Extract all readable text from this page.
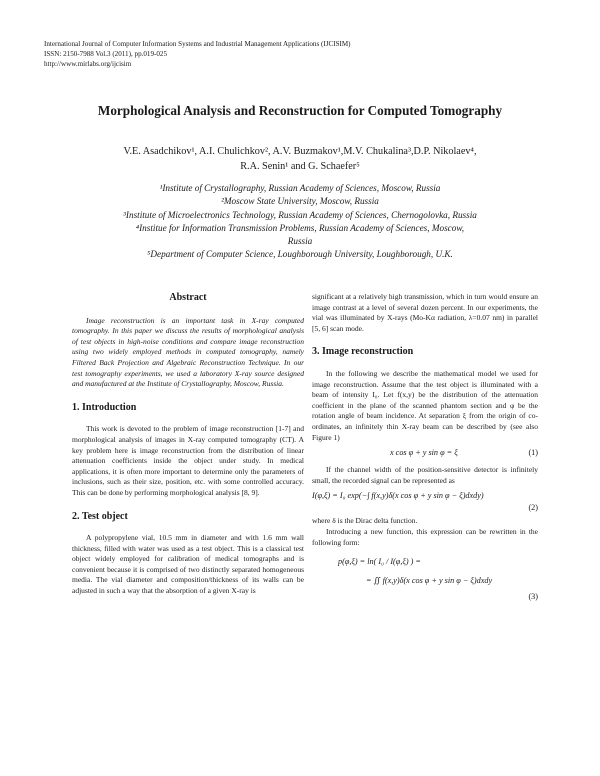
International Journal of Computer Information Systems and Industrial Management Applications (IJCISIM)
ISSN: 2150-7988 Vol.3 (2011), pp.019-025
http://www.mirlabs.org/ijcisim
Morphological Analysis and Reconstruction for Computed Tomography
V.E. Asadchikov¹, A.I. Chulichkov², A.V. Buzmakov¹,M.V. Chukalina³,D.P. Nikolaev⁴,
R.A. Senin¹ and G. Schaefer⁵
¹Institute of Crystallography, Russian Academy of Sciences, Moscow, Russia
²Moscow State University, Moscow, Russia
³Institute of Microelectronics Technology, Russian Academy of Sciences, Chernogolovka, Russia
⁴Institue for Information Transmission Problems, Russian Academy of Sciences, Moscow,
Russia
⁵Department of Computer Science, Loughborough University, Loughborough, U.K.
Abstract

Image reconstruction is an important task in X-ray computed tomography. In this paper we discuss the results of morphological analysis of test objects in high-noise conditions and compare image reconstruction using two widely employed methods in computed tomography, namely Filtered Back Projection and Algebraic Reconstruction Technique. In our test tomography experiments, we used a laboratory X-ray source designed and manufactured at the Institute of Crystallography, Moscow, Russia.

1. Introduction

This work is devoted to the problem of image reconstruction [1-7] and morphological analysis of images in X-ray computed tomography (CT). A key problem here is image reconstruction from the distribution of linear attenuation coefficients inside the object under study. In medical applications, it is often more important to determine only the parameters of inclusions, such as their size, position, etc. with some controlled accuracy. This can be done by performing morphological analysis [8, 9].

2. Test object

A polypropylene vial, 10.5 mm in diameter and with 1.6 mm wall thickness, filled with water was used as a test object. This is a classical test object widely employed for calibration of medical tomographs and is convenient because it is comprised of two distinctly separated homogeneous media. The vial diameter and composition/thickness of its walls can be adjusted in such a way that the absorption of a given X-ray is

significant at a relatively high transmission, which in turn would ensure an image contrast at a level of several dozen percent. In our experiments, the vial was illuminated by X-rays (Mo-Kα radiation, λ=0.07 nm) in parallel [5, 6] scan mode.

3. Image reconstruction

In the following we describe the mathematical model we used for image reconstruction. Assume that the test object is illuminated with a beam of intensity I₀. Let f(x,y) be the distribution of the attenuation coefficient in the plane of the scanned phantom section and φ be the rotation angle of beam incidence. At separation ξ from the origin of co-ordinates, an infinitely thin X-ray beam can be described by (see also Figure 1)

x cos φ + y sin φ = ξ	(1)

If the channel width of the position-sensitive detector is infinitely small, the recorded signal can be represented as

I(φ,ξ) = I₀ exp(−∫ f(x,y)δ(x cos φ + y sin φ − ξ)dxdy)
(2)

where δ is the Dirac delta function.

Introducing a new function, this expression can be rewritten in the following form:

p(φ,ξ) = ln( I₀ / I(φ,ξ) ) =
= ∬ f(x,y)δ(x cos φ + y sin φ − ξ)dxdy
(3)
